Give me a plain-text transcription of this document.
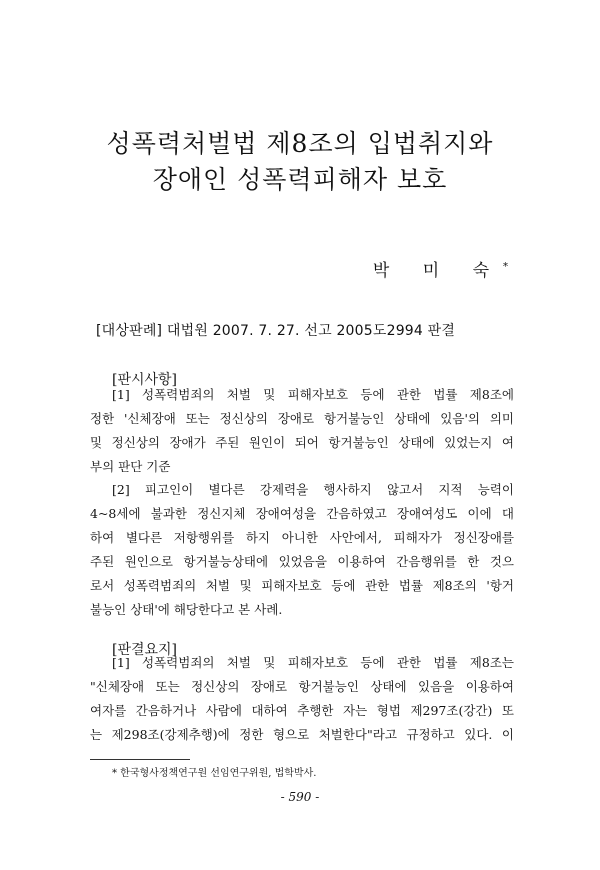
성폭력처벌법 제8조의 입법취지와
장애인 성폭력피해자 보호
박 미 숙*
[대상판례] 대법원 2007. 7. 27. 선고 2005도2994 판결
[판시사항]
[1] 성폭력범죄의 처벌 및 피해자보호 등에 관한 법률 제8조에
정한 '신체장애 또는 정신상의 장애로 항거불능인 상태에 있음'의 의미
및 정신상의 장애가 주된 원인이 되어 항거불능인 상태에 있었는지 여
부의 판단 기준
[2] 피고인이 별다른 강제력을 행사하지 않고서 지적 능력이
4~8세에 불과한 정신지체 장애여성을 간음하였고 장애여성도 이에 대
하여 별다른 저항행위를 하지 아니한 사안에서, 피해자가 정신장애를
주된 원인으로 항거불능상태에 있었음을 이용하여 간음행위를 한 것으
로서 성폭력범죄의 처벌 및 피해자보호 등에 관한 법률 제8조의 '항거
불능인 상태'에 해당한다고 본 사례.
[판결요지]
[1] 성폭력범죄의 처벌 및 피해자보호 등에 관한 법률 제8조는
"신체장애 또는 정신상의 장애로 항거불능인 상태에 있음을 이용하여
여자를 간음하거나 사람에 대하여 추행한 자는 형법 제297조(강간) 또
는 제298조(강제추행)에 정한 형으로 처벌한다"라고 규정하고 있다. 이
* 한국형사정책연구원 선임연구위원, 법학박사.
- 590 -
